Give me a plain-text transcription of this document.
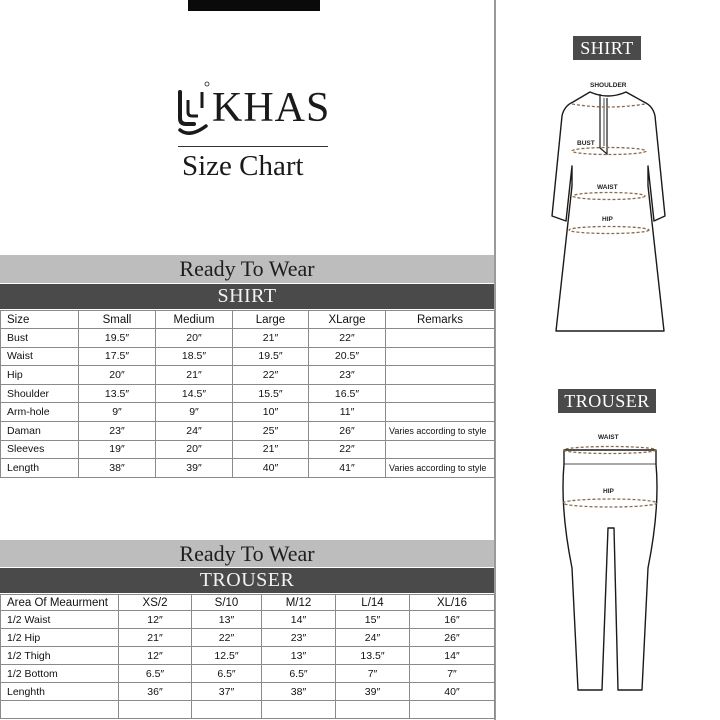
KHAS
Size Chart
Ready To Wear
SHIRT
Size	Small	Medium	Large	XLarge	Remarks
Bust	19.5″	20″	21″	22″	
Waist	17.5″	18.5″	19.5″	20.5″	
Hip	20″	21″	22″	23″	
Shoulder	13.5″	14.5″	15.5″	16.5″	
Arm-hole	9″	9″	10″	11″	
Daman	23″	24″	25″	26″	Varies according to style
Sleeves	19″	20″	21″	22″	
Length	38″	39″	40″	41″	Varies according to style
Ready To Wear
TROUSER
Area Of Meaurment	XS/2	S/10	M/12	L/14	XL/16
1/2 Waist	12″	13″	14″	15″	16″
1/2 Hip	21″	22″	23″	24″	26″
1/2 Thigh	12″	12.5″	13″	13.5″	14″
1/2 Bottom	6.5″	6.5″	6.5″	7″	7″
Lenghth	36″	37″	38″	39″	40″

SHIRT
SHOULDER
BUST
WAIST
HIP
TROUSER
WAIST
HIP
